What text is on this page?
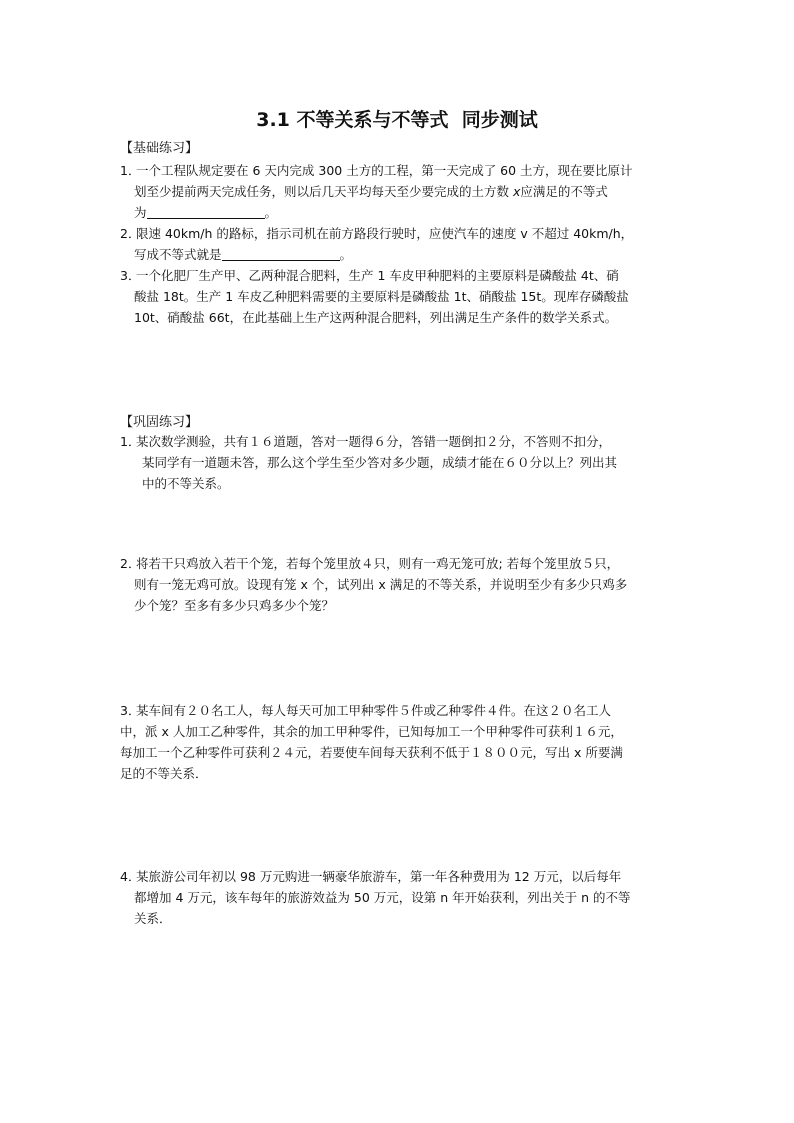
3.1 不等关系与不等式  同步测试
【基础练习】
1．一个工程队规定要在 6 天内完成 300 土方的工程，第一天完成了 60 土方，现在要比原计
划至少提前两天完成任务，则以后几天平均每天至少要完成的土方数 x应满足的不等式
为	。
2．限速 40km/h 的路标，指示司机在前方路段行驶时，应使汽车的速度 v 不超过 40km/h，
写成不等式就是	。
3．一个化肥厂生产甲、乙两种混合肥料，生产 1 车皮甲种肥料的主要原料是磷酸盐 4t、硝
酸盐 18t。生产 1 车皮乙种肥料需要的主要原料是磷酸盐 1t、硝酸盐 15t。现库存磷酸盐
10t、硝酸盐 66t，在此基础上生产这两种混合肥料，列出满足生产条件的数学关系式。
【巩固练习】
1．某次数学测验，共有１６道题，答对一题得６分，答错一题倒扣２分，不答则不扣分，
某同学有一道题未答，那么这个学生至少答对多少题，成绩才能在６０分以上？列出其
中的不等关系。
2．将若干只鸡放入若干个笼，若每个笼里放４只，则有一鸡无笼可放; 若每个笼里放５只，
则有一笼无鸡可放。设现有笼 x 个，试列出 x 满足的不等关系，并说明至少有多少只鸡多
少个笼？至多有多少只鸡多少个笼？
3．某车间有２０名工人，每人每天可加工甲种零件５件或乙种零件４件。在这２０名工人
中，派 x 人加工乙种零件，其余的加工甲种零件，已知每加工一个甲种零件可获利１６元，
每加工一个乙种零件可获利２４元，若要使车间每天获利不低于１８００元，写出 x 所要满
足的不等关系．
4．某旅游公司年初以 98 万元购进一辆豪华旅游车，第一年各种费用为 12 万元，以后每年
都增加 4 万元，该车每年的旅游效益为 50 万元，设第 n 年开始获利，列出关于 n 的不等
关系．
